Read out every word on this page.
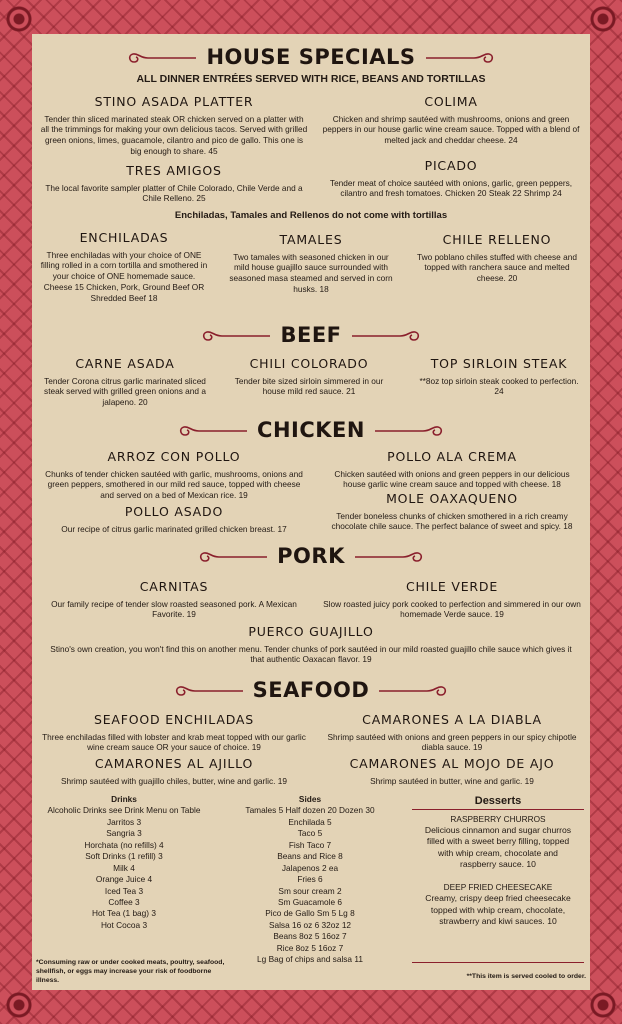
HOUSE SPECIALS
ALL DINNER ENTRÉES SERVED WITH RICE, BEANS AND TORTILLAS
STINO ASADA PLATTER
Tender thin sliced marinated steak OR chicken served on a platter with all the trimmings for making your own delicious tacos. Served with grilled green onions, limes, guacamole, cilantro and pico de gallo. This one is big enough to share. 45
COLIMA
Chicken and shrimp sautéed with mushrooms, onions and green peppers in our house garlic wine cream sauce. Topped with a blend of melted jack and cheddar cheese. 24
TRES AMIGOS
The local favorite sampler platter of Chile Colorado, Chile Verde and a Chile Relleno. 25
PICADO
Tender meat of choice sautéed with onions, garlic, green peppers, cilantro and fresh tomatoes. Chicken 20 Steak 22 Shrimp 24
Enchiladas, Tamales and Rellenos do not come with tortillas
ENCHILADAS
Three enchiladas with your choice of ONE filling rolled in a corn tortilla and smothered in your choice of ONE homemade sauce. Cheese 15 Chicken, Pork, Ground Beef OR Shredded Beef 18
TAMALES
Two tamales with seasoned chicken in our mild house guajillo sauce surrounded with seasoned masa steamed and served in corn husks. 18
CHILE RELLENO
Two poblano chiles stuffed with cheese and topped with ranchera sauce and melted cheese. 20
BEEF
CARNE ASADA
Tender Corona citrus garlic marinated sliced steak served with grilled green onions and a jalapeno. 20
CHILI COLORADO
Tender bite sized sirloin simmered in our house mild red sauce. 21
TOP SIRLOIN STEAK
**8oz top sirloin steak cooked to perfection. 24
CHICKEN
ARROZ CON POLLO
Chunks of tender chicken sautéed with garlic, mushrooms, onions and green peppers, smothered in our mild red sauce, topped with cheese and served on a bed of Mexican rice. 19
POLLO ALA CREMA
Chicken sautéed with onions and green peppers in our delicious house garlic wine cream sauce and topped with cheese. 18
POLLO ASADO
Our recipe of citrus garlic marinated grilled chicken breast. 17
MOLE OAXAQUENO
Tender boneless chunks of chicken smothered in a rich creamy chocolate chile sauce. The perfect balance of sweet and spicy. 18
PORK
CARNITAS
Our family recipe of tender slow roasted seasoned pork. A Mexican Favorite. 19
CHILE VERDE
Slow roasted juicy pork cooked to perfection and simmered in our own homemade Verde sauce. 19
PUERCO GUAJILLO
Stino's own creation, you won't find this on another menu. Tender chunks of pork sautéed in our mild roasted guajillo chile sauce which gives it that authentic Oaxacan flavor. 19
SEAFOOD
SEAFOOD ENCHILADAS
Three enchiladas filled with lobster and krab meat topped with our garlic wine cream sauce OR your sauce of choice. 19
CAMARONES A LA DIABLA
Shrimp sautéed with onions and green peppers in our spicy chipotle diabla sauce. 19
CAMARONES AL AJILLO
Shrimp sautéed with guajillo chiles, butter, wine and garlic. 19
CAMARONES AL MOJO DE AJO
Shrimp sautéed in butter, wine and garlic. 19
Drinks
Alcoholic Drinks see Drink Menu on Table
Jarritos 3
Sangria 3
Horchata (no refills) 4
Soft Drinks (1 refill) 3
Milk 4
Orange Juice 4
Iced Tea 3
Coffee 3
Hot Tea (1 bag) 3
Hot Cocoa 3
Sides
Tamales 5 Half dozen 20 Dozen 30
Enchilada 5
Taco 5
Fish Taco 7
Beans and Rice 8
Jalapenos 2 ea
Fries 6
Sm sour cream 2
Sm Guacamole 6
Pico de Gallo Sm 5 Lg 8
Salsa 16 oz 6 32oz 12
Beans 8oz 5 16oz 7
Rice 8oz 5 16oz 7
Lg Bag of chips and salsa 11
Desserts
RASPBERRY CHURROS
Delicious cinnamon and sugar churros filled with a sweet berry filling, topped with whip cream, chocolate and raspberry sauce. 10
DEEP FRIED CHEESECAKE
Creamy, crispy deep fried cheesecake topped with whip cream, chocolate, strawberry and kiwi sauces. 10
*Consuming raw or under cooked meats, poultry, seafood, shellfish, or eggs may increase your risk of foodborne illness.
**This item is served cooled to order.
